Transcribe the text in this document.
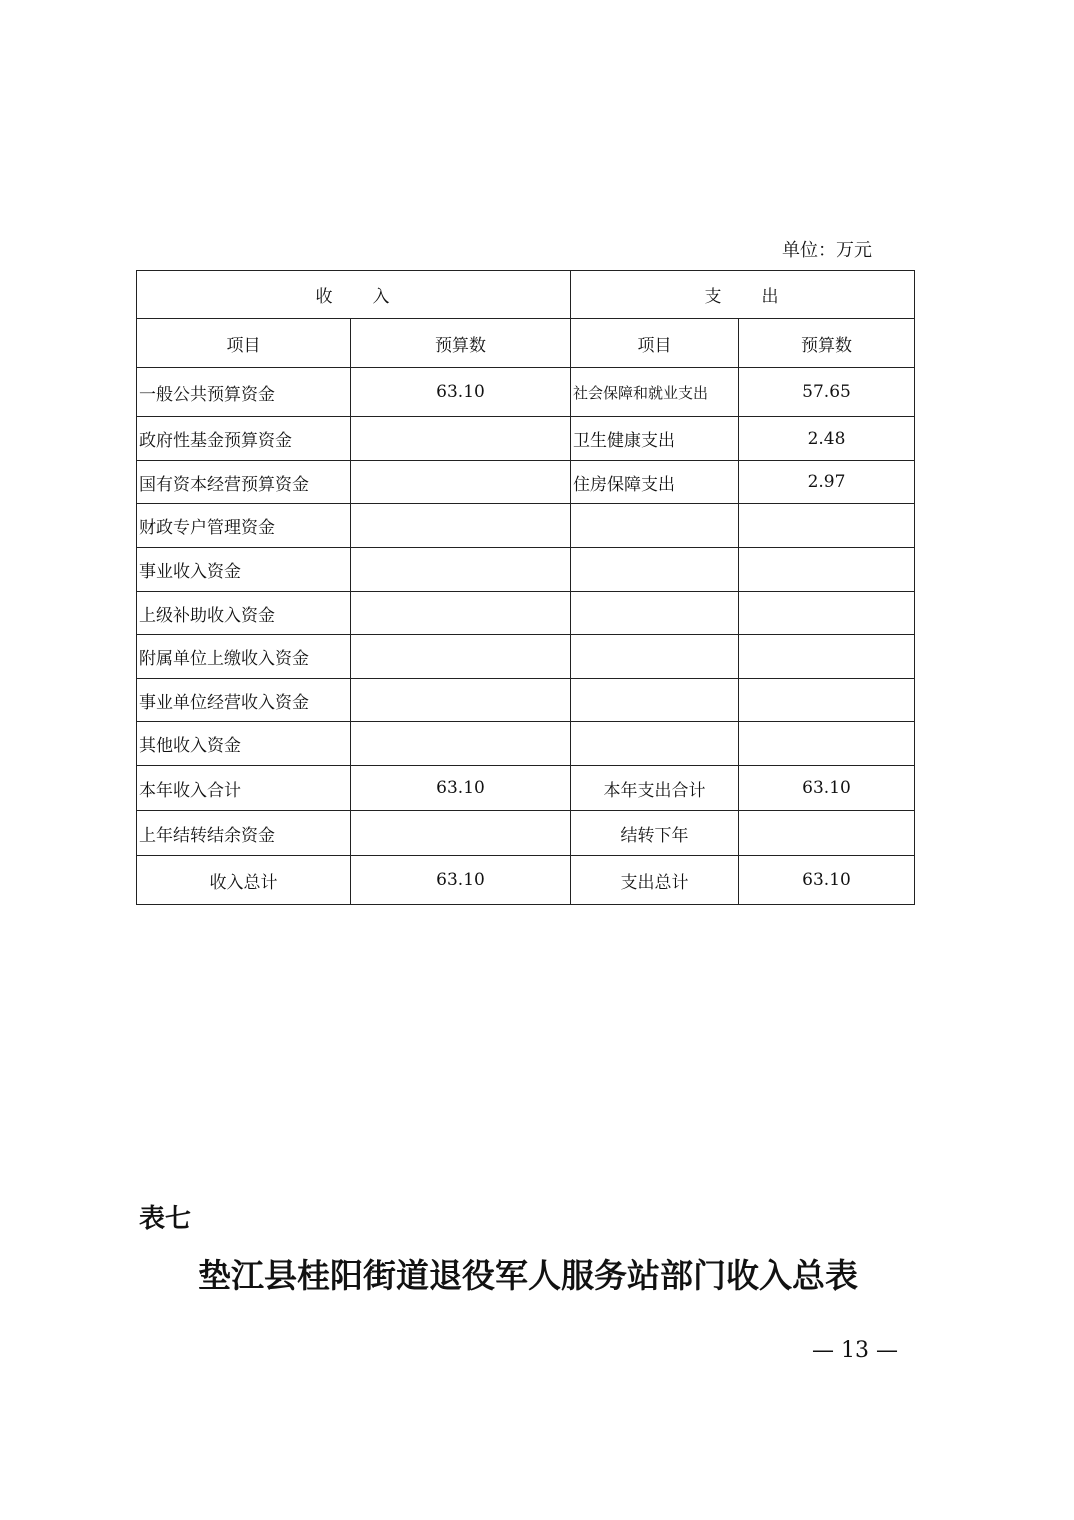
单位：万元
收　　入		支　　出	
项目	预算数	项目	预算数
一般公共预算资金	63.10	社会保障和就业支出	57.65
政府性基金预算资金		卫生健康支出	2.48
国有资本经营预算资金		住房保障支出	2.97
财政专户管理资金			
事业收入资金			
上级补助收入资金			
附属单位上缴收入资金			
事业单位经营收入资金			
其他收入资金			
本年收入合计	63.10	本年支出合计	63.10
上年结转结余资金		结转下年	
收入总计	63.10	支出总计	63.10
表七
垫江县桂阳街道退役军人服务站部门收入总表
— 13 —
